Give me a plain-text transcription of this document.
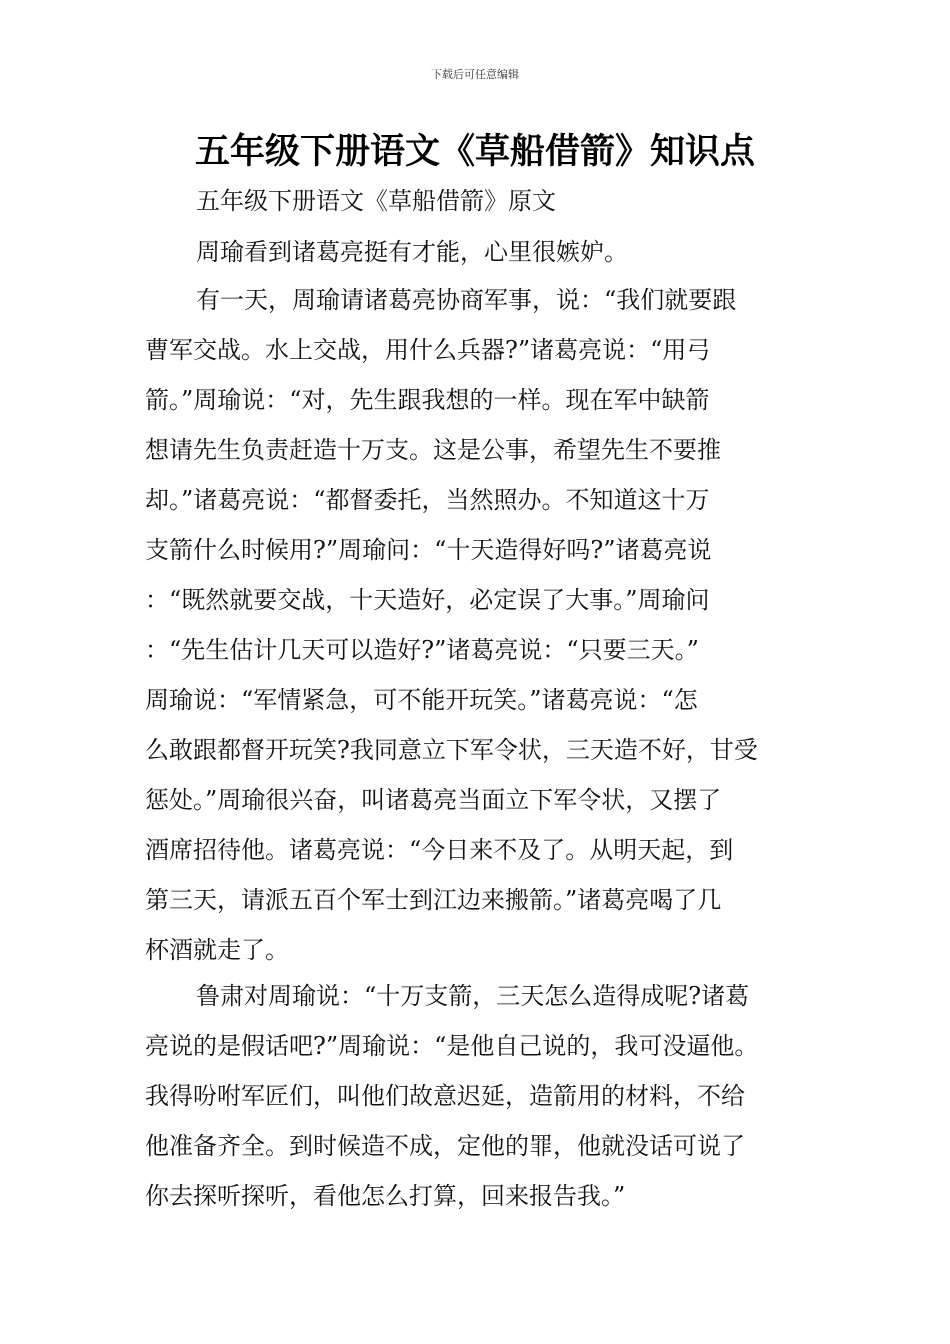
下载后可任意编辑
五年级下册语文《草船借箭》知识点
五年级下册语文《草船借箭》原文
周瑜看到诸葛亮挺有才能，心里很嫉妒。
有一天，周瑜请诸葛亮协商军事，说：“我们就要跟
曹军交战。水上交战，用什么兵器?”诸葛亮说：“用弓
箭。”周瑜说：“对，先生跟我想的一样。现在军中缺箭
想请先生负责赶造十万支。这是公事，希望先生不要推
却。”诸葛亮说：“都督委托，当然照办。不知道这十万
支箭什么时候用?”周瑜问：“十天造得好吗?”诸葛亮说
：“既然就要交战，十天造好，必定误了大事。”周瑜问
：“先生估计几天可以造好?”诸葛亮说：“只要三天。”
周瑜说：“军情紧急，可不能开玩笑。”诸葛亮说：“怎
么敢跟都督开玩笑?我同意立下军令状，三天造不好，甘受
惩处。”周瑜很兴奋，叫诸葛亮当面立下军令状，又摆了
酒席招待他。诸葛亮说：“今日来不及了。从明天起，到
第三天，请派五百个军士到江边来搬箭。”诸葛亮喝了几
杯酒就走了。
鲁肃对周瑜说：“十万支箭，三天怎么造得成呢?诸葛
亮说的是假话吧?”周瑜说：“是他自己说的，我可没逼他。
我得吩咐军匠们，叫他们故意迟延，造箭用的材料，不给
他准备齐全。到时候造不成，定他的罪，他就没话可说了
你去探听探听，看他怎么打算，回来报告我。”
